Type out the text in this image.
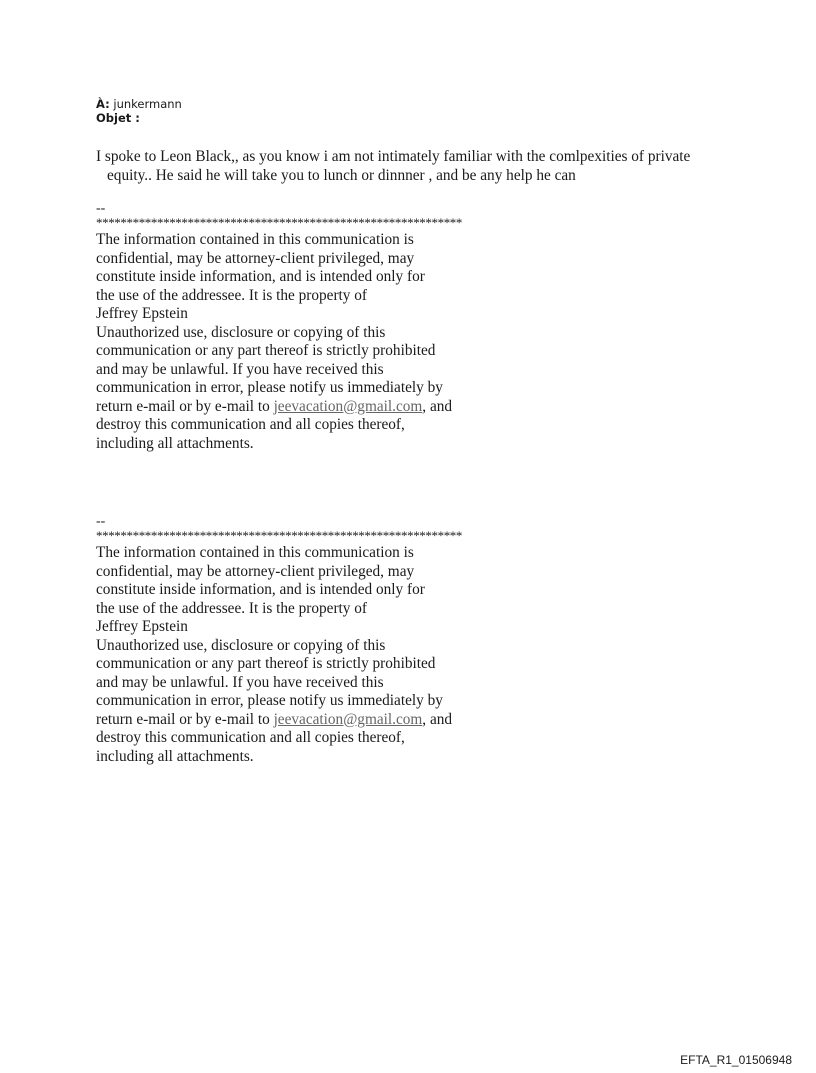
À: junkermann
Objet :
I spoke to Leon Black,, as you know i am not intimately familiar with the comlpexities of private
equity.. He said he will take you to lunch or dinnner , and be any help he can
--
************************************************************
The information contained in this communication is
confidential, may be attorney-client privileged, may
constitute inside information, and is intended only for
the use of the addressee. It is the property of
Jeffrey Epstein
Unauthorized use, disclosure or copying of this
communication or any part thereof is strictly prohibited
and may be unlawful. If you have received this
communication in error, please notify us immediately by
return e-mail or by e-mail to jeevacation@gmail.com, and
destroy this communication and all copies thereof,
including all attachments.
--
************************************************************
The information contained in this communication is
confidential, may be attorney-client privileged, may
constitute inside information, and is intended only for
the use of the addressee. It is the property of
Jeffrey Epstein
Unauthorized use, disclosure or copying of this
communication or any part thereof is strictly prohibited
and may be unlawful. If you have received this
communication in error, please notify us immediately by
return e-mail or by e-mail to jeevacation@gmail.com, and
destroy this communication and all copies thereof,
including all attachments.
EFTA_R1_01506948
